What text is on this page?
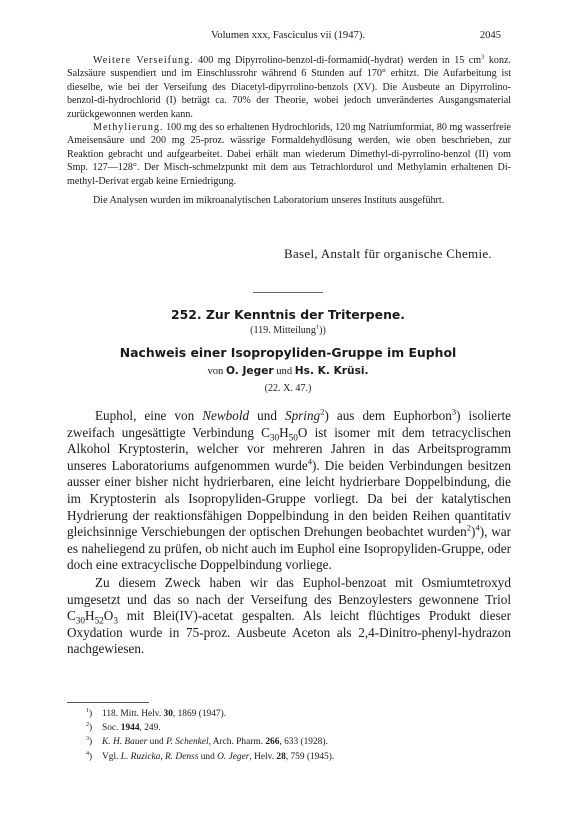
Volumen xxx, Fasciculus vii (1947).	2045

Weitere Verseifung. 400 mg Dipyrrolino-benzol-di-formamid(-hydrat) werden in 15 $cm^3$ konz. Salzsäure suspendiert und im Einschlussrohr während 6 Stunden auf 170° erhitzt. Die Aufarbeitung ist dieselbe, wie bei der Verseifung des Diacetyl-dipyrrolino-benzols (XV). Die Ausbeute an Dipyrrolino-benzol-di-hydrochlorid (I) beträgt ca. 70% der Theorie, wobei jedoch unverändertes Ausgangsmaterial zurückgewonnen werden kann.

Methylierung. 100 mg des so erhaltenen Hydrochlorids, 120 mg Natriumformiat, 80 mg wasserfreie Ameisensäure und 200 mg 25-proz. wässrige Formaldehydlösung werden, wie oben beschrieben, zur Reaktion gebracht und aufgearbeitet. Dabei erhält man wiederum Dimethyl-di-pyrrolino-benzol (II) vom Smp. 127—128°. Der Misch-schmelzpunkt mit dem aus Tetrachlordurol und Methylamin erhaltenen Di-methyl-Derivat ergab keine Erniedrigung.

Die Analysen wurden im mikroanalytischen Laboratorium unseres Instituts ausgeführt.

Basel, Anstalt für organische Chemie.
252. Zur Kenntnis der Triterpene.
(119. Mitteilung$^1$))
Nachweis einer Isopropyliden-Gruppe im Euphol
von O. Jeger und Hs. K. Krüsi.
(22. X. 47.)

Euphol, eine von Newbold und Spring$^2$) aus dem Euphorbon$^3$) isolierte zweifach ungesättigte Verbindung $C_{30}H_{50}O$ ist isomer mit dem tetracyclischen Alkohol Kryptosterin, welcher vor mehreren Jahren in das Arbeitsprogramm unseres Laboratoriums aufgenommen wurde$^4$). Die beiden Verbindungen besitzen ausser einer bisher nicht hydrierbaren, eine leicht hydrierbare Doppelbindung, die im Kryptosterin als Isopropyliden-Gruppe vorliegt. Da bei der katalytischen Hydrierung der reaktionsfähigen Doppelbindung in den beiden Reihen quantitativ gleichsinnige Verschiebungen der optischen Drehungen beobachtet wurden$^2$)$^4$), war es naheliegend zu prüfen, ob nicht auch im Euphol eine Isopropyliden-Gruppe, oder doch eine extracyclische Doppelbindung vorliege.

Zu diesem Zweck haben wir das Euphol-benzoat mit Osmiumtetroxyd umgesetzt und das so nach der Verseifung des Benzoylesters gewonnene Triol $C_{30}H_{52}O_3$ mit Blei(IV)-acetat gespalten. Als leicht flüchtiges Produkt dieser Oxydation wurde in 75-proz. Ausbeute Aceton als 2,4-Dinitro-phenyl-hydrazon nachgewiesen.

$^1$) 118. Mitt. Helv. 30, 1869 (1947).
$^2$) Soc. 1944, 249.
$^3$) K. H. Bauer und P. Schenkel, Arch. Pharm. 266, 633 (1928).
$^4$) Vgl. L. Ruzicka, R. Denss und O. Jeger, Helv. 28, 759 (1945).
